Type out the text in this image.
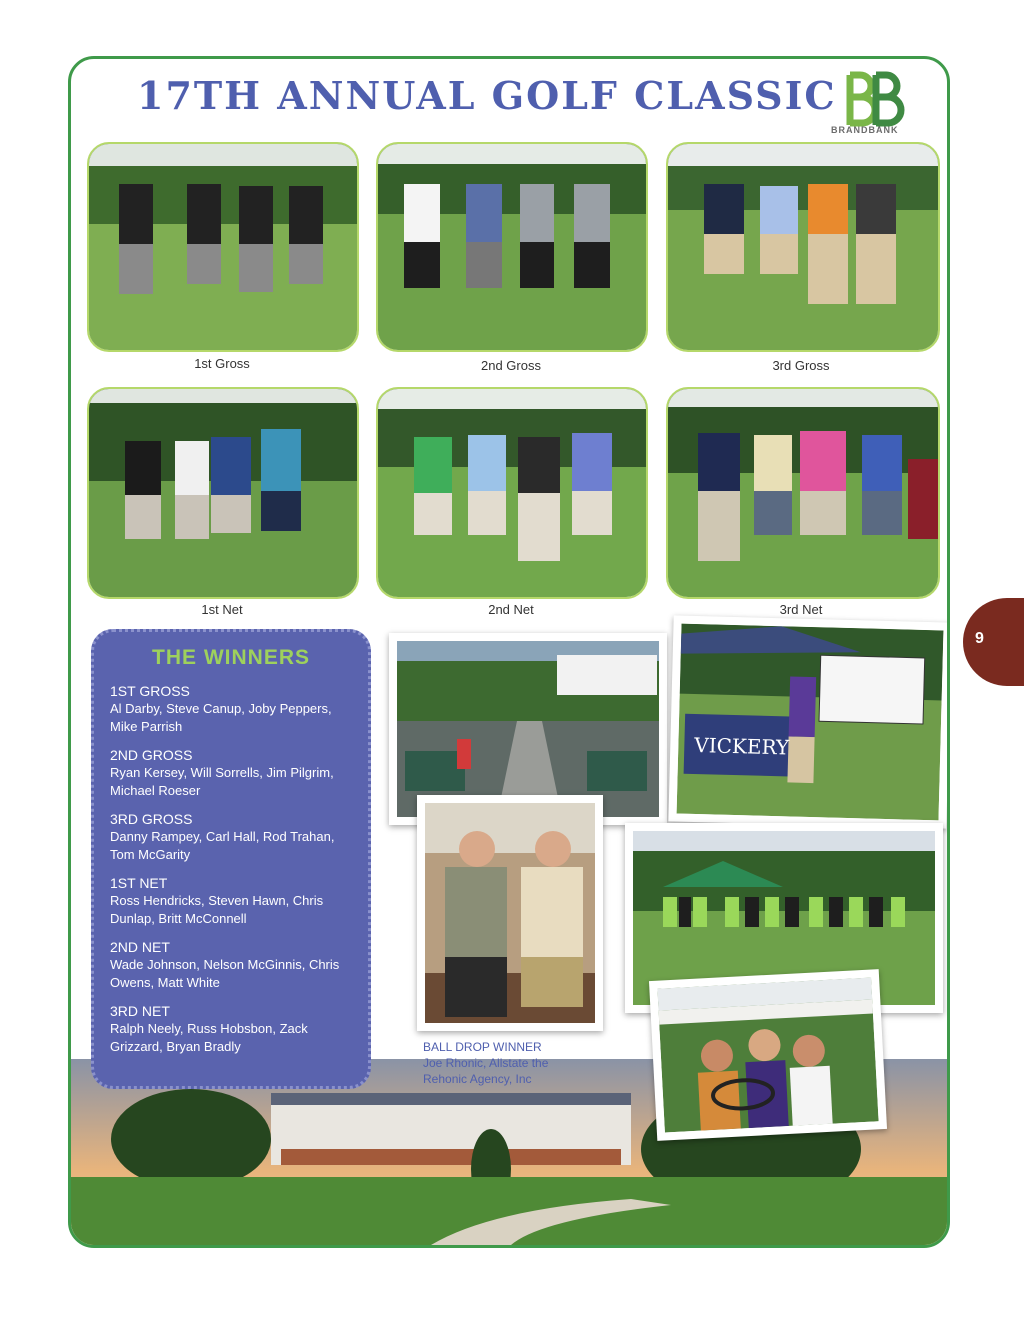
17TH ANNUAL GOLF CLASSIC
BRANDBANK
1st Gross	2nd Gross	3rd Gross
1st Net	2nd Net	3rd Net
THE WINNERS
1ST GROSS
Al Darby, Steve Canup, Joby Peppers, Mike Parrish
2ND GROSS
Ryan Kersey, Will Sorrells, Jim Pilgrim, Michael Roeser
3RD GROSS
Danny Rampey, Carl Hall, Rod Trahan, Tom McGarity
1ST NET
Ross Hendricks, Steven Hawn, Chris Dunlap, Britt McConnell
2ND NET
Wade Johnson, Nelson McGinnis, Chris Owens, Matt White
3RD NET
Ralph Neely, Russ Hobsbon, Zack Grizzard, Bryan Bradly
VICKERY
BALL DROP WINNER
Joe Rhonic, Allstate the Rehonic Agency, Inc
9
